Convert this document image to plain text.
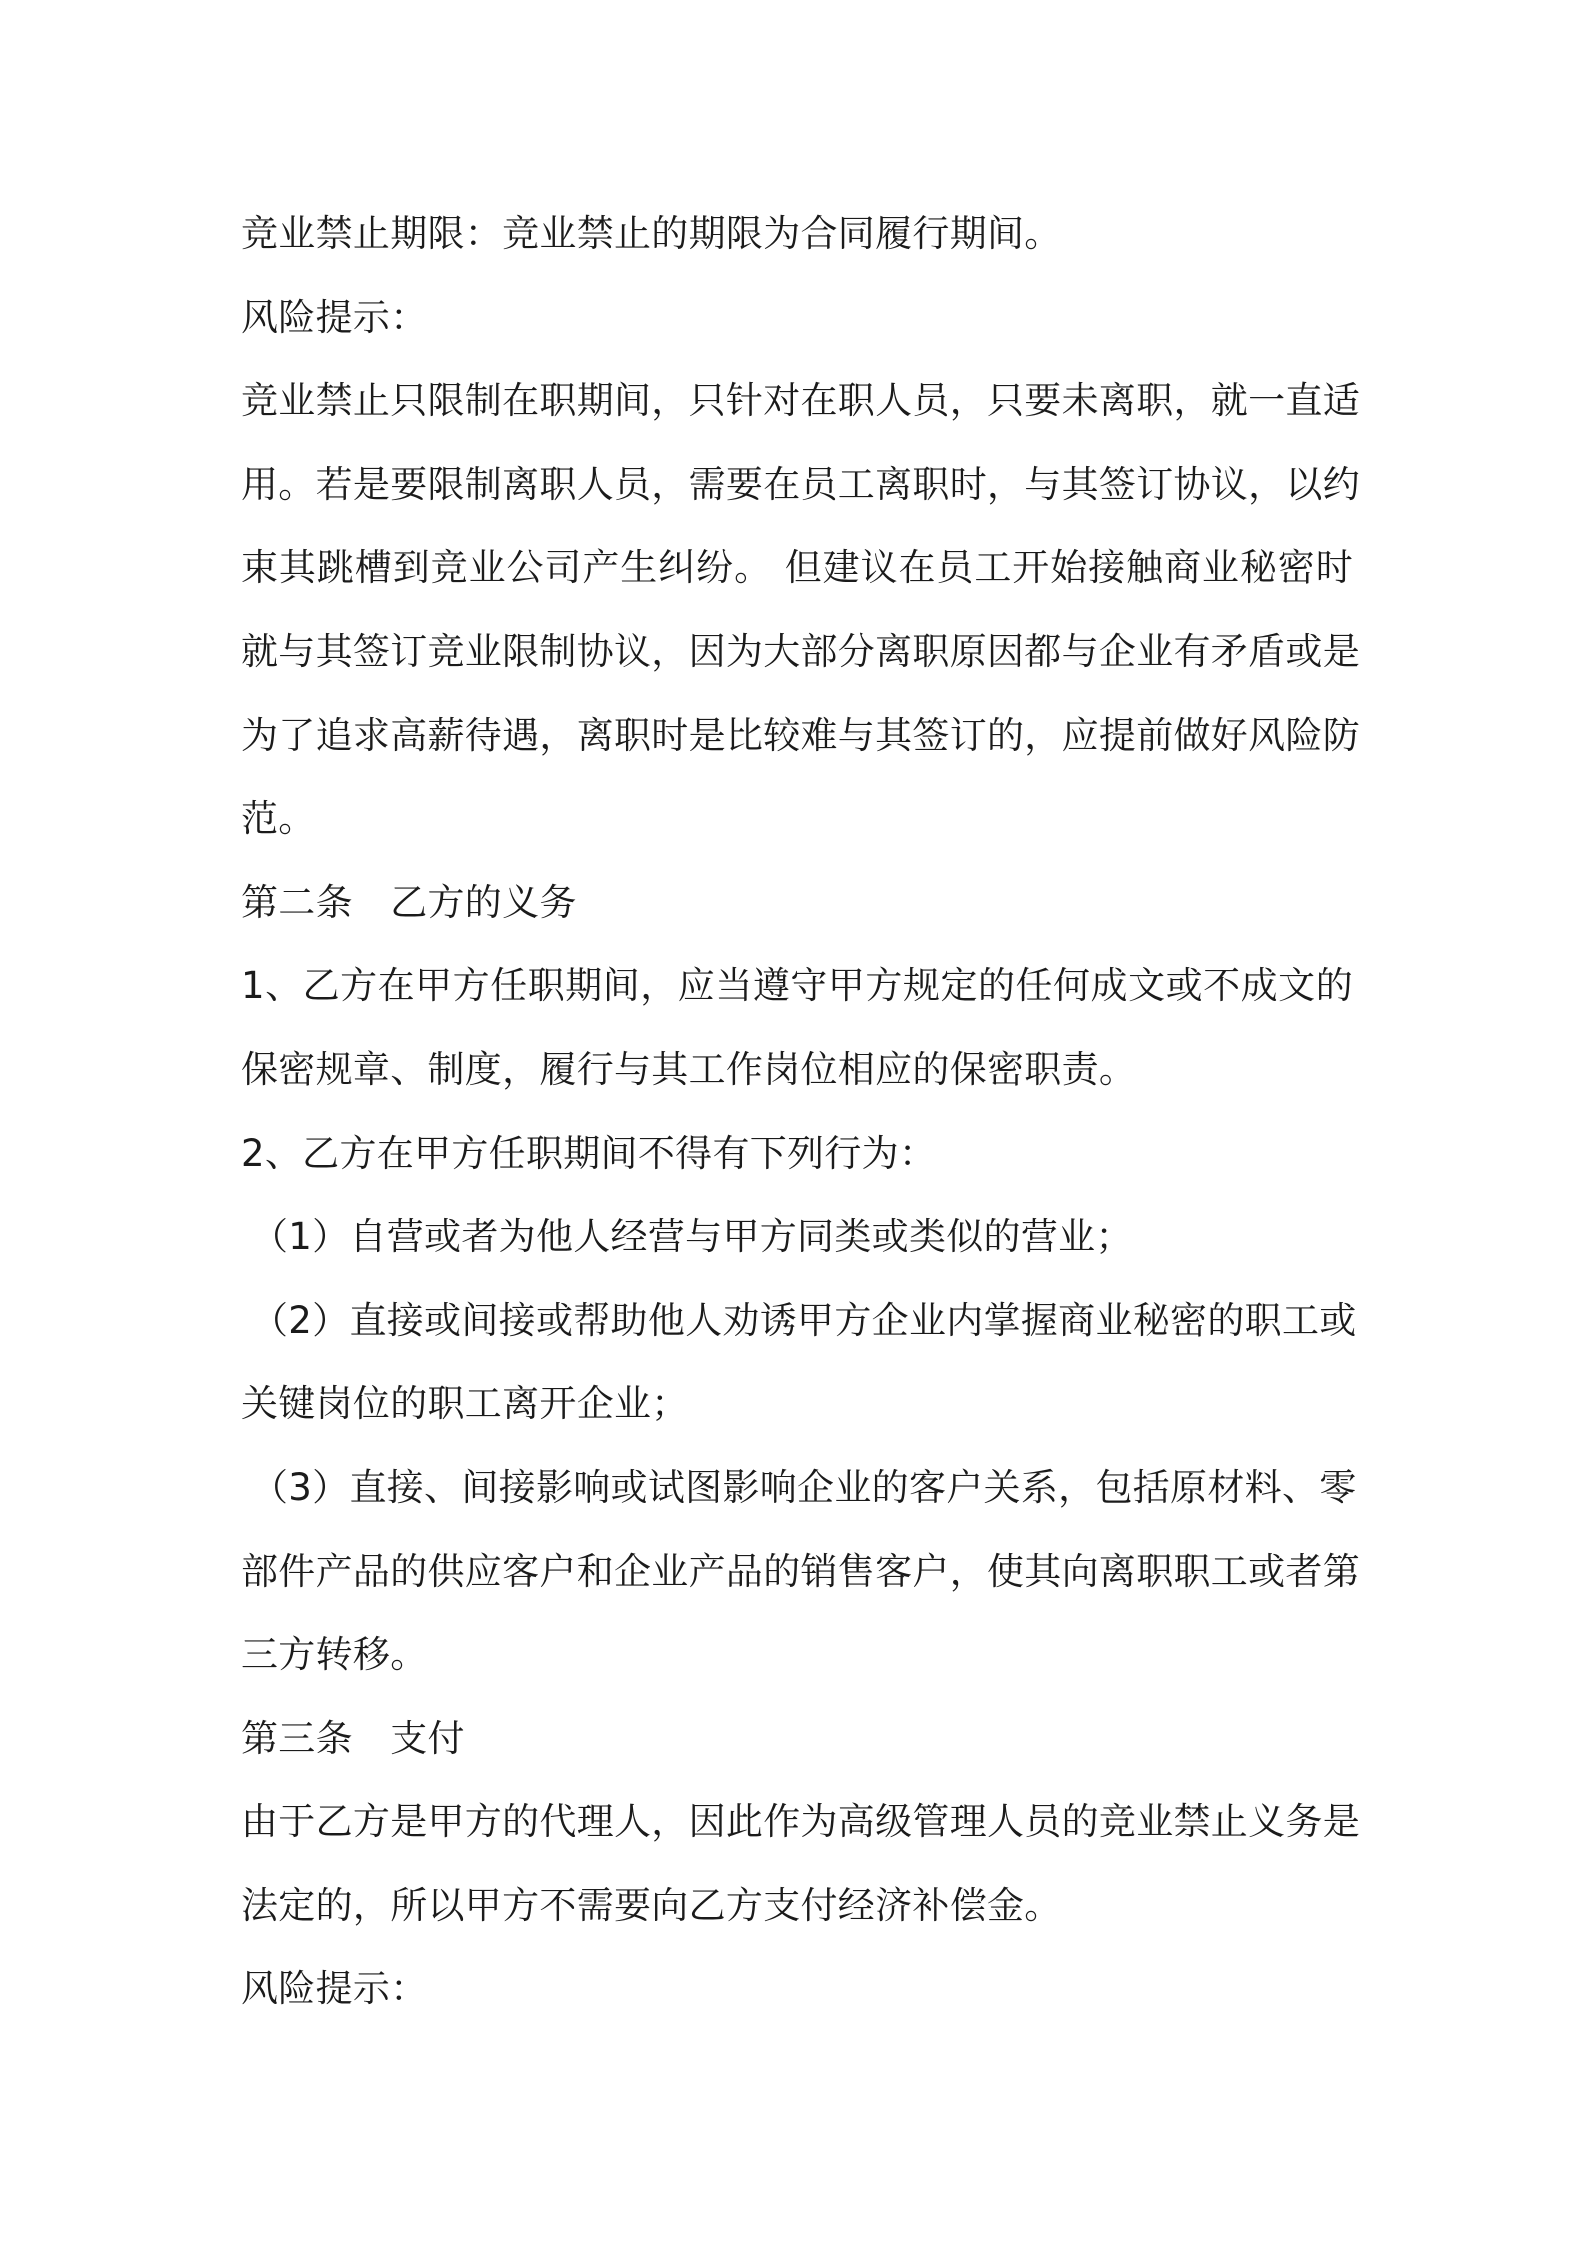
竞业禁止期限：竞业禁止的期限为合同履行期间。
风险提示：
竞业禁止只限制在职期间，只针对在职人员，只要未离职，就一直适
用。若是要限制离职人员，需要在员工离职时，与其签订协议，以约
束其跳槽到竞业公司产生纠纷。 但建议在员工开始接触商业秘密时
就与其签订竞业限制协议，因为大部分离职原因都与企业有矛盾或是
为了追求高薪待遇，离职时是比较难与其签订的，应提前做好风险防
范。
第二条　乙方的义务
1、乙方在甲方任职期间，应当遵守甲方规定的任何成文或不成文的
保密规章、制度，履行与其工作岗位相应的保密职责。
2、乙方在甲方任职期间不得有下列行为：
（1）自营或者为他人经营与甲方同类或类似的营业；
（2）直接或间接或帮助他人劝诱甲方企业内掌握商业秘密的职工或
关键岗位的职工离开企业；
（3）直接、间接影响或试图影响企业的客户关系，包括原材料、零
部件产品的供应客户和企业产品的销售客户，使其向离职职工或者第
三方转移。
第三条　支付
由于乙方是甲方的代理人，因此作为高级管理人员的竞业禁止义务是
法定的，所以甲方不需要向乙方支付经济补偿金。
风险提示：
